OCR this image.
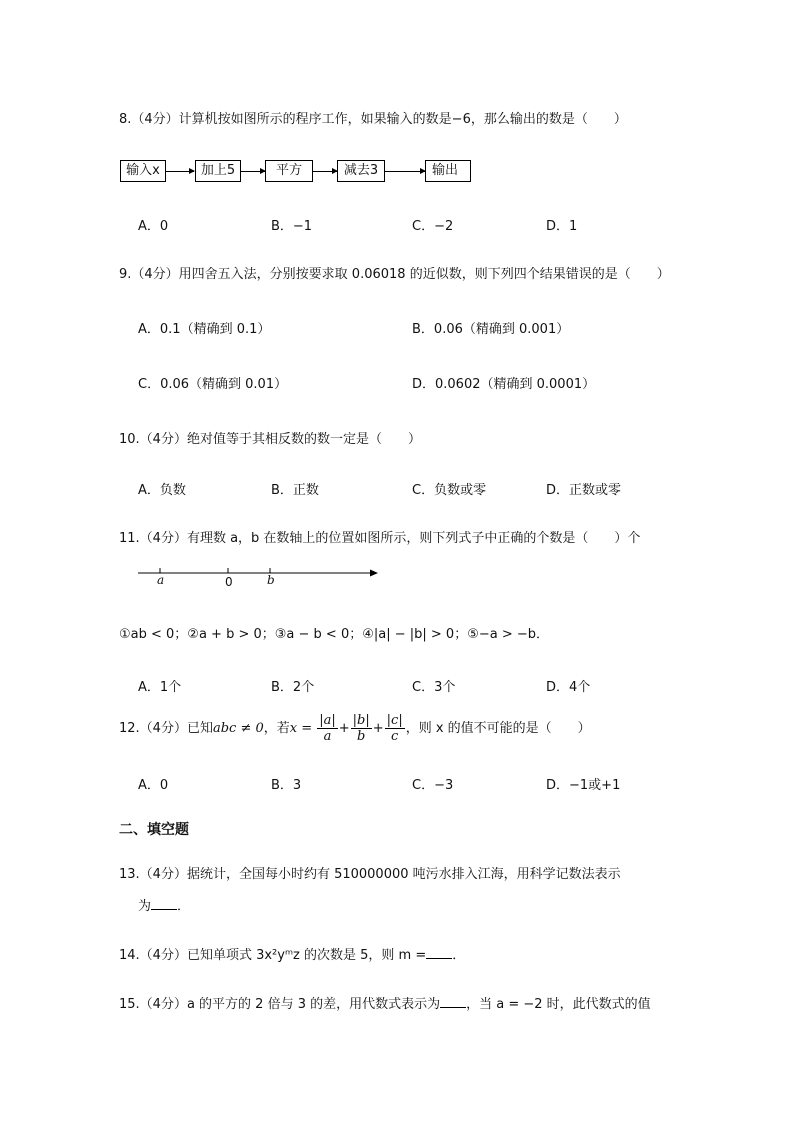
8.（4分）计算机按如图所示的程序工作，如果输入的数是−6，那么输出的数是（　　）
输入x	加上5	平方	减去3	输出
A．0	B．−1	C．−2	D．1
9.（4分）用四舍五入法，分别按要求取 0.06018 的近似数，则下列四个结果错误的是（　　）
A．0.1（精确到 0.1）	B．0.06（精确到 0.001）
C．0.06（精确到 0.01）	D．0.0602（精确到 0.0001）
10.（4分）绝对值等于其相反数的数一定是（　　）
A．负数	B．正数	C．负数或零	D．正数或零
11.（4分）有理数 a，b 在数轴上的位置如图所示，则下列式子中正确的个数是（　　）个
a	0	b
①ab < 0；②a + b > 0；③a − b < 0；④|a| − |b| > 0；⑤−a > −b．
A．1个	B．2个	C．3个	D．4个
12.（4分）已知abc ≠ 0，若$x = \frac{|a|}{a} + \frac{|b|}{b} + \frac{|c|}{c}$ ，则 x 的值不可能的是（　　）
A．0	B．3	C．−3	D．−1或+1
二、填空题
13.（4分）据统计，全国每小时约有 510000000 吨污水排入江海，用科学记数法表示
为 ．
14.（4分）已知单项式 3x²yᵐz 的次数是 5，则 m = ．
15.（4分）a 的平方的 2 倍与 3 的差，用代数式表示为 ，当 a = −2 时，此代数式的值
